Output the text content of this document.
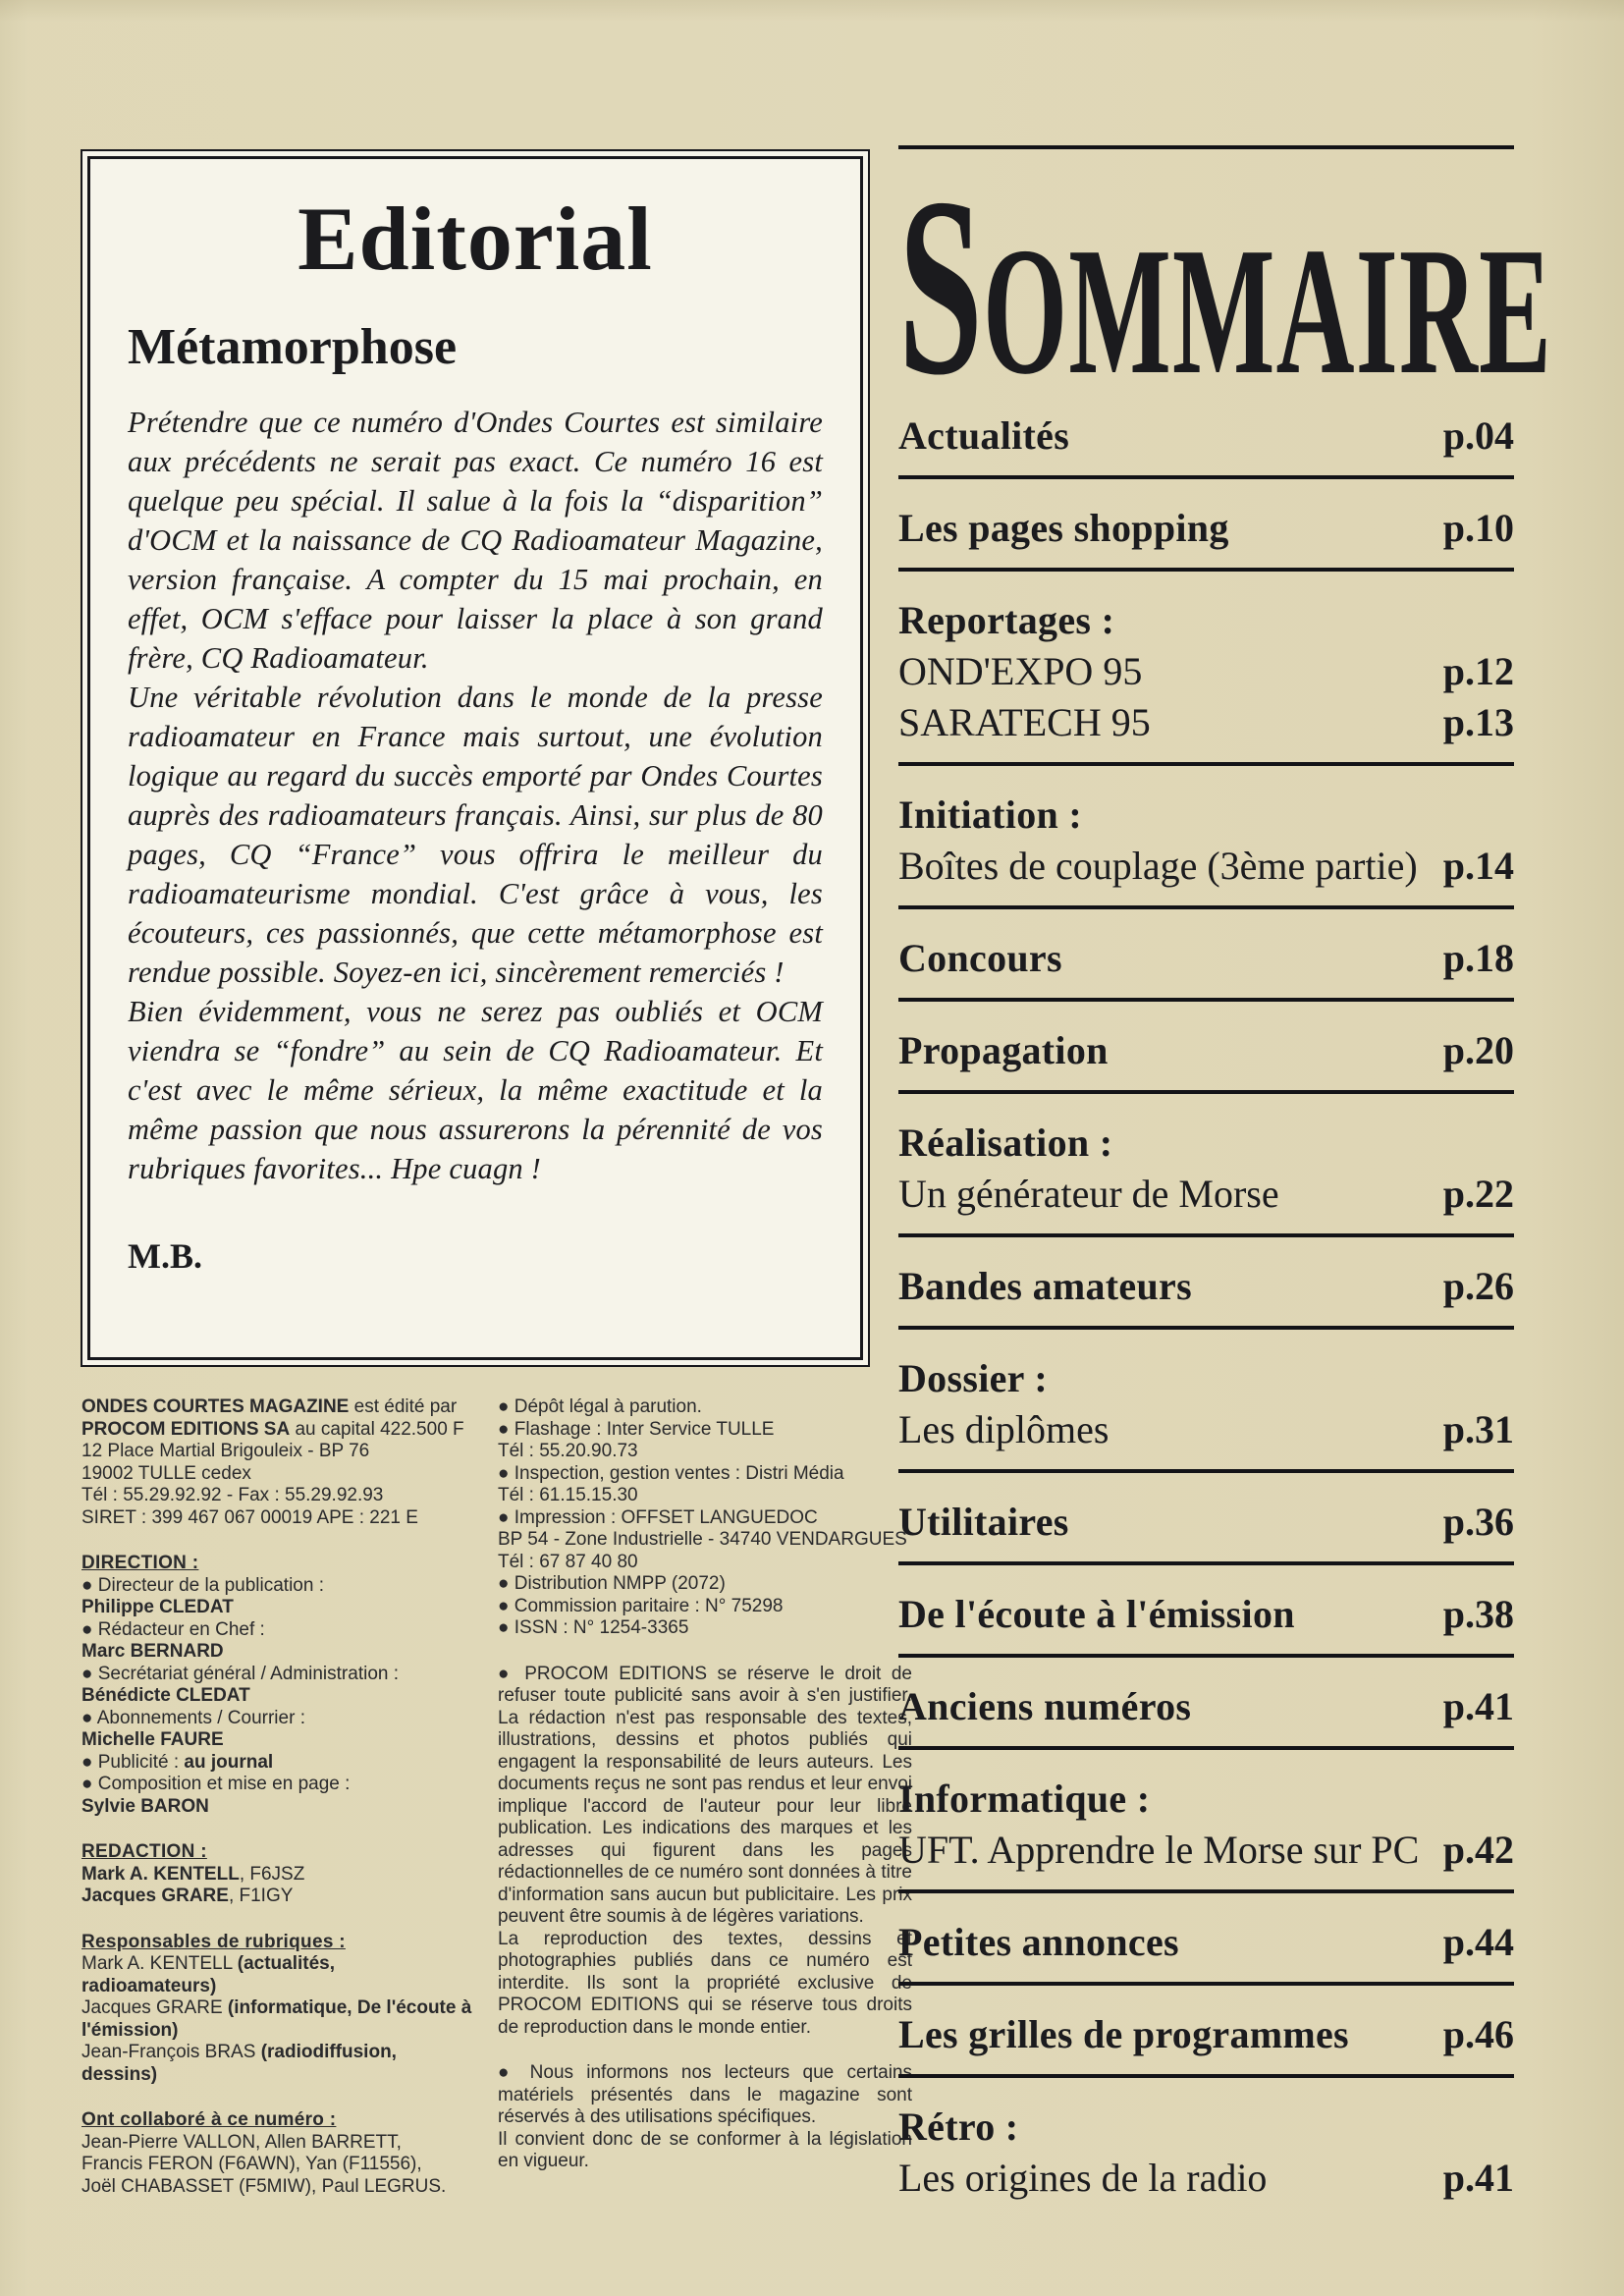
Editorial
Métamorphose

Prétendre que ce numéro d'Ondes Courtes est similaire aux précédents ne serait pas exact. Ce numéro 16 est quelque peu spécial. Il salue à la fois la “disparition” d'OCM et la naissance de CQ Radioamateur Magazine, version française. A compter du 15 mai prochain, en effet, OCM s'efface pour laisser la place à son grand frère, CQ Radioamateur.

Une véritable révolution dans le monde de la presse radioamateur en France mais surtout, une évolution logique au regard du succès emporté par Ondes Courtes auprès des radioamateurs français. Ainsi, sur plus de 80 pages, CQ “France” vous offrira le meilleur du radioamateurisme mondial. C'est grâce à vous, les écouteurs, ces passionnés, que cette métamorphose est rendue possible. Soyez-en ici, sincèrement remerciés !

Bien évidemment, vous ne serez pas oubliés et OCM viendra se “fondre” au sein de CQ Radioamateur. Et c'est avec le même sérieux, la même exactitude et la même passion que nous assurerons la pérennité de vos rubriques favorites... Hpe cuagn !

M.B.
ONDES COURTES MAGAZINE est édité par
PROCOM EDITIONS SA au capital 422.500 F
12 Place Martial Brigouleix - BP 76
19002 TULLE cedex
Tél : 55.29.92.92 - Fax : 55.29.92.93
SIRET : 399 467 067 00019 APE : 221 E
DIRECTION :
● Directeur de la publication :
Philippe CLEDAT
● Rédacteur en Chef :
Marc BERNARD
● Secrétariat général / Administration :
Bénédicte CLEDAT
● Abonnements / Courrier :
Michelle FAURE
● Publicité : au journal
● Composition et mise en page :
Sylvie BARON
REDACTION :
Mark A. KENTELL, F6JSZ
Jacques GRARE, F1IGY
Responsables de rubriques :
Mark A. KENTELL (actualités, radioamateurs)
Jacques GRARE (informatique, De l'écoute à l'émission)
Jean-François BRAS (radiodiffusion, dessins)
Ont collaboré à ce numéro :
Jean-Pierre VALLON, Allen BARRETT,
Francis FERON (F6AWN), Yan (F11556),
Joël CHABASSET (F5MIW), Paul LEGRUS.
● Dépôt légal à parution.
● Flashage : Inter Service TULLE
Tél : 55.20.90.73
● Inspection, gestion ventes : Distri Média
Tél : 61.15.15.30
● Impression : OFFSET LANGUEDOC
BP 54 - Zone Industrielle - 34740 VENDARGUES
Tél : 67 87 40 80
● Distribution NMPP (2072)
● Commission paritaire : N° 75298
● ISSN : N° 1254-3365

● PROCOM EDITIONS se réserve le droit de refuser toute publicité sans avoir à s'en justifier. La rédaction n'est pas responsable des textes, illustrations, dessins et photos publiés qui engagent la responsabilité de leurs auteurs. Les documents reçus ne sont pas rendus et leur envoi implique l'accord de l'auteur pour leur libre publication. Les indications des marques et les adresses qui figurent dans les pages rédactionnelles de ce numéro sont données à titre d'information sans aucun but publicitaire. Les prix peuvent être soumis à de légères variations.

La reproduction des textes, dessins et photographies publiés dans ce numéro est interdite. Ils sont la propriété exclusive de PROCOM EDITIONS qui se réserve tous droits de reproduction dans le monde entier.

● Nous informons nos lecteurs que certains matériels présentés dans le magazine sont réservés à des utilisations spécifiques.

Il convient donc de se conformer à la législation en vigueur.

S OMMAIRE
Actualités	p.04
Les pages shopping	p.10
Reportages :
OND'EXPO 95	p.12
SARATECH 95	p.13
Initiation :
Boîtes de couplage (3ème partie) p.14
Concours	p.18
Propagation	p.20
Réalisation :
Un générateur de Morse	p.22
Bandes amateurs	p.26
Dossier :
Les diplômes	p.31
Utilitaires	p.36
De l'écoute à l'émission	p.38
Anciens numéros	p.41
Informatique :
UFT. Apprendre le Morse sur PC p.42
Petites annonces	p.44
Les grilles de programmes p.46
Rétro :
Les origines de la radio	p.41
